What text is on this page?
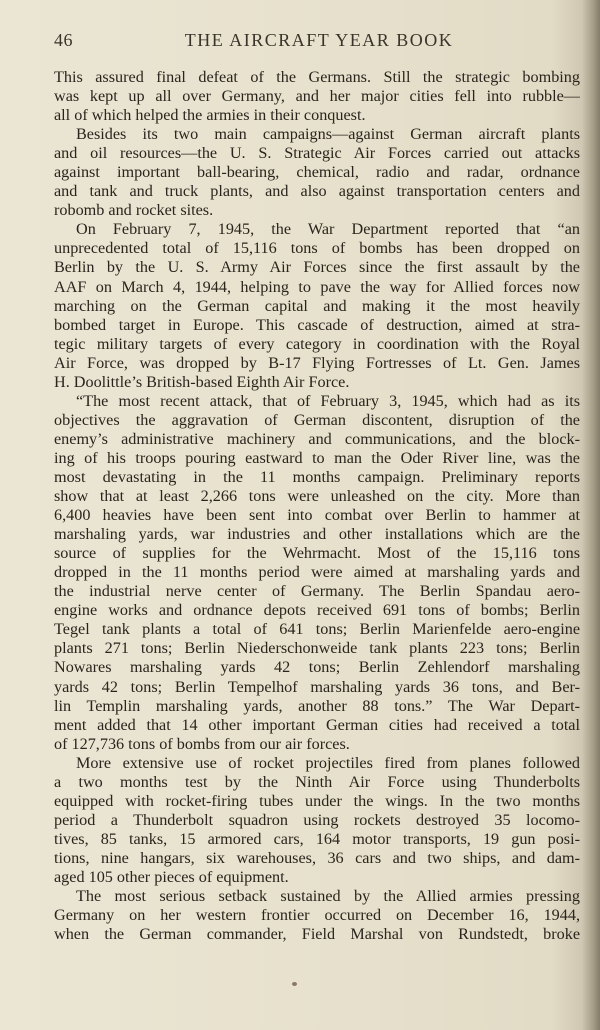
46	THE AIRCRAFT YEAR BOOK
This assured final defeat of the Germans. Still the strategic bombing
was kept up all over Germany, and her major cities fell into rubble—
all of which helped the armies in their conquest.
Besides its two main campaigns—against German aircraft plants
and oil resources—the U. S. Strategic Air Forces carried out attacks
against important ball-bearing, chemical, radio and radar, ordnance
and tank and truck plants, and also against transportation centers and
robomb and rocket sites.
On February 7, 1945, the War Department reported that “an
unprecedented total of 15,116 tons of bombs has been dropped on
Berlin by the U. S. Army Air Forces since the first assault by the
AAF on March 4, 1944, helping to pave the way for Allied forces now
marching on the German capital and making it the most heavily
bombed target in Europe. This cascade of destruction, aimed at stra-
tegic military targets of every category in coordination with the Royal
Air Force, was dropped by B-17 Flying Fortresses of Lt. Gen. James
H. Doolittle’s British-based Eighth Air Force.
“The most recent attack, that of February 3, 1945, which had as its
objectives the aggravation of German discontent, disruption of the
enemy’s administrative machinery and communications, and the block-
ing of his troops pouring eastward to man the Oder River line, was the
most devastating in the 11 months campaign. Preliminary reports
show that at least 2,266 tons were unleashed on the city. More than
6,400 heavies have been sent into combat over Berlin to hammer at
marshaling yards, war industries and other installations which are the
source of supplies for the Wehrmacht. Most of the 15,116 tons
dropped in the 11 months period were aimed at marshaling yards and
the industrial nerve center of Germany. The Berlin Spandau aero-
engine works and ordnance depots received 691 tons of bombs; Berlin
Tegel tank plants a total of 641 tons; Berlin Marienfelde aero-engine
plants 271 tons; Berlin Niederschonweide tank plants 223 tons; Berlin
Nowares marshaling yards 42 tons; Berlin Zehlendorf marshaling
yards 42 tons; Berlin Tempelhof marshaling yards 36 tons, and Ber-
lin Templin marshaling yards, another 88 tons.” The War Depart-
ment added that 14 other important German cities had received a total
of 127,736 tons of bombs from our air forces.
More extensive use of rocket projectiles fired from planes followed
a two months test by the Ninth Air Force using Thunderbolts
equipped with rocket-firing tubes under the wings. In the two months
period a Thunderbolt squadron using rockets destroyed 35 locomo-
tives, 85 tanks, 15 armored cars, 164 motor transports, 19 gun posi-
tions, nine hangars, six warehouses, 36 cars and two ships, and dam-
aged 105 other pieces of equipment.
The most serious setback sustained by the Allied armies pressing
Germany on her western frontier occurred on December 16, 1944,
when the German commander, Field Marshal von Rundstedt, broke
